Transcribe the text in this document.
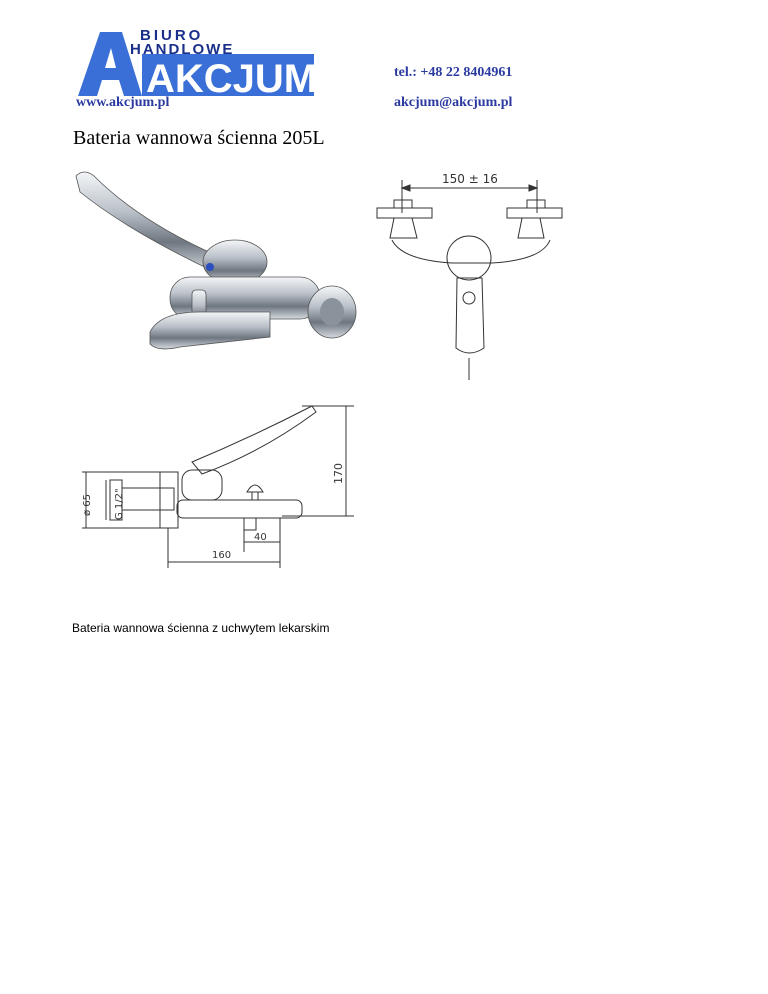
AKCJUM
BIURO
HANDLOWE
www.akcjum.pl
tel.: +48 22 8404961
akcjum@akcjum.pl
Bateria wannowa ścienna 205L
150 ± 16
170
ø 65 G 1/2"
40
160
Bateria wannowa ścienna z uchwytem lekarskim
